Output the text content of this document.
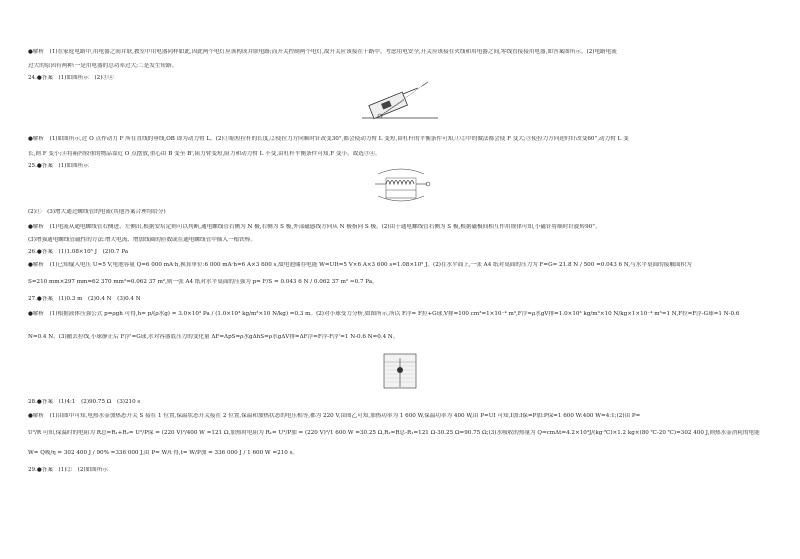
●解析　(1)在家庭电路中,用电器之间并联,教室中用电器同样如此,因此两个电灯应该构成并联电路;而开关控制两个电灯,故开关应该接在干路中。考虑用电安全,开关应该接在火线和用电器之间,零线直接接用电器,如答案图所示。(2)电路电流
过大的原因有两种:一是用电器的总功率过大;二是发生短路。
24.●答案　(1)如图所示　(2)③④
●解析　(1)如图所示,过 O 点作动力 F 所在直线的垂线,OB 即为动力臂 L。(2)①缩短拉杆的长度,②使拉力方向顺时针改变30°,都会使动力臂 L 变短,由杠杆的平衡条件可知,①②中的做法都会使 F 变大;③使拉力方向逆时针改变60°,动力臂 L 变
长,则 F 变小;④将箱内较重的物品靠近 O 点摆放,重心由 B 变至 B',阻力臂变短,阻力和动力臂 L 不变,由杠杆平衡条件可知,F 变小。故选③④。
25.●答案　(1)如图所示
(2)①　(3)增大通过螺线管的电流(其他答案合理均给分)
●解析　(1)电流从通电螺线管右侧进、左侧出,根据安培定则可以判断,通电螺线管右侧为 N 极,右侧为 S 极,外部磁感线方向从 N 极指向 S 极。(2)由于通电螺线管右侧为 S 极,根据磁极间相互作用规律可知,小磁针将顺时针旋转90°。
(3)增强通电螺线管磁性的方法:增大电流、增加线圈的匝数或在通电螺线管中插入一根铁棒。
26.●答案　(1)1.08×10⁵ J　(2)0.7 Pa
●解析　(1)已知输入电压 U=5 V,电池容量 Q=6 000 mA·h,换算单位:6 000 mA·h=6 A×3 600 s,故电池储存电能 W=UIt=5 V×6 A×3 600 s=1.08×10⁵ J。(2)在水平面上,一张 A4 纸对桌面的压力为 F=G= 21.8 N / 500 =0.043 6 N,与水平桌面的接触面积为
S=210 mm×297 mm=62 370 mm²=0.062 37 m²,则一张 A4 纸对水平桌面的压强为 p= F/S = 0.043 6 N / 0.062 37 m² ≈0.7 Pa。
27.●答案　(1)0.3 m　(2)0.4 N　(3)0.4 N
●解析　(1)根据液体压强公式 p=ρgh 可得,h= p/(ρ水g) = 3.0×10³ Pa / (1.0×10³ kg/m³×10 N/kg) =0.3 m。(2)对小球受力分析,如图所示,所以 F浮= F拉+G球,V排=100 cm³=1×10⁻⁴ m³,F浮=ρ水gV排=1.0×10³ kg/m³×10 N/kg×1×10⁻⁴ m³=1 N,F拉=F浮-G球=1 N-0.6
N=0.4 N。(3)撤去拉线,小球静止后 F浮'=G球,水对容器底压力的变化量 ΔF=ΔpS=ρ水gΔhS=ρ水gΔV排=ΔF浮=F浮-F浮'=1 N-0.6 N=0.4 N。
28.●答案　(1)4:1　(2)90.75 Ω　(3)210 s
●解析　(1)由图甲可知,电热水壶加热态开关 S 接在 1 位置,保温状态开关接在 2 位置,保温和加热状态的电压相等,都为 220 V,由图乙可知,加热功率为 1 600 W,保温功率为 400 W,由 P=UI 可知,I加:I保=P加:P保=1 600 W:400 W=4:1;(2)由 P=
U²/R 可知,保温时的电阻为 R总=R₁+R₂= U²/P保 = (220 V)²/400 W =121 Ω,加热时电阻为 R₁= U²/P加 = (220 V)²/1 600 W =30.25 Ω,R₂=R总-R₁=121 Ω-30.25 Ω=90.75 Ω;(3)水吸收的热量为 Q=cmΔt=4.2×10³J/(kg·℃)×1.2 kg×(80 ℃-20 ℃)=302 400 J,则热水壶消耗的电能
W= Q吸/η = 302 400 J / 90% =336 000 J,由 P= W/t 得,t= W/P加 = 336 000 J / 1 600 W =210 s。
29.●答案　(1)②　(2)如图所示
